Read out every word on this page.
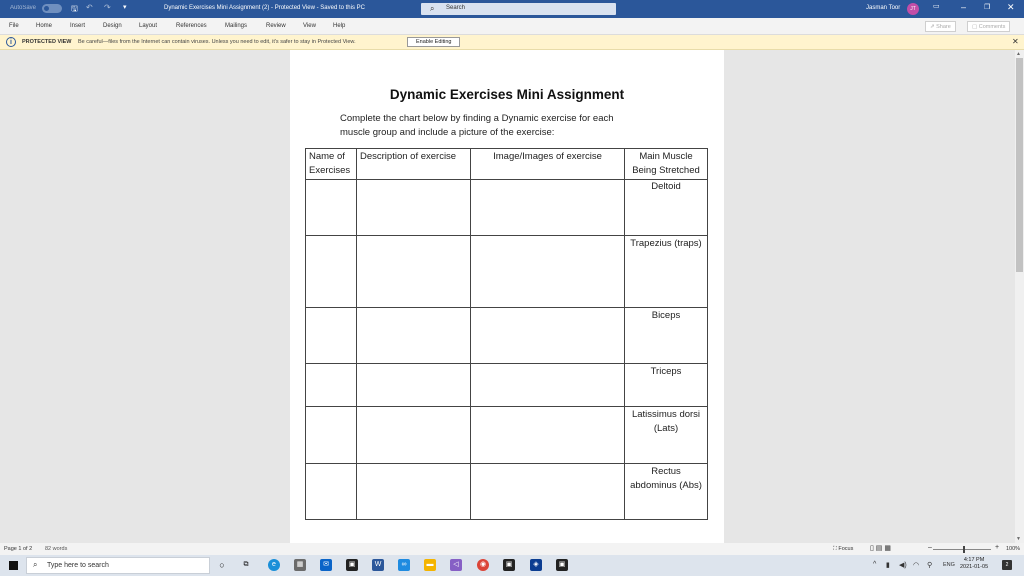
AutoSave	🖫 ↶ ↷ ▾	Dynamic Exercises Mini Assignment (2) - Protected View - Saved to this PC	⌕ Search	Jasman Toor	JT	▭ –	❐ ✕
File	Home	Insert	Design	Layout	References	Mailings	Review	View	Help	⇗ Share	▢ Comments
i	PROTECTED VIEW Be careful—files from the Internet can contain viruses. Unless you need to edit, it's safer to stay in Protected View.	Enable Editing	✕
Dynamic Exercises Mini Assignment
Complete the chart below by finding a Dynamic exercise for each
muscle group and include a picture of the exercise:
Name of Exercises	Description of exercise	Image/Images of exercise	Main Muscle Being Stretched
			Deltoid
			Trapezius (traps)
			Biceps
			Triceps
			Latissimus dorsi (Lats)
			Rectus abdominus (Abs)
▲
▼
Page 1 of 2 82 words	⛶ Focus ▯ ▤ ▦	–	+ 100%
⌕ Type here to search	○	⧉	e	▦	✉	▣	W	∞	▬	◁	◉	▣	◈	▣	^ ▮ ◀) ◠ ⚲ ENG
4:17 PM
2021-01-05	2
